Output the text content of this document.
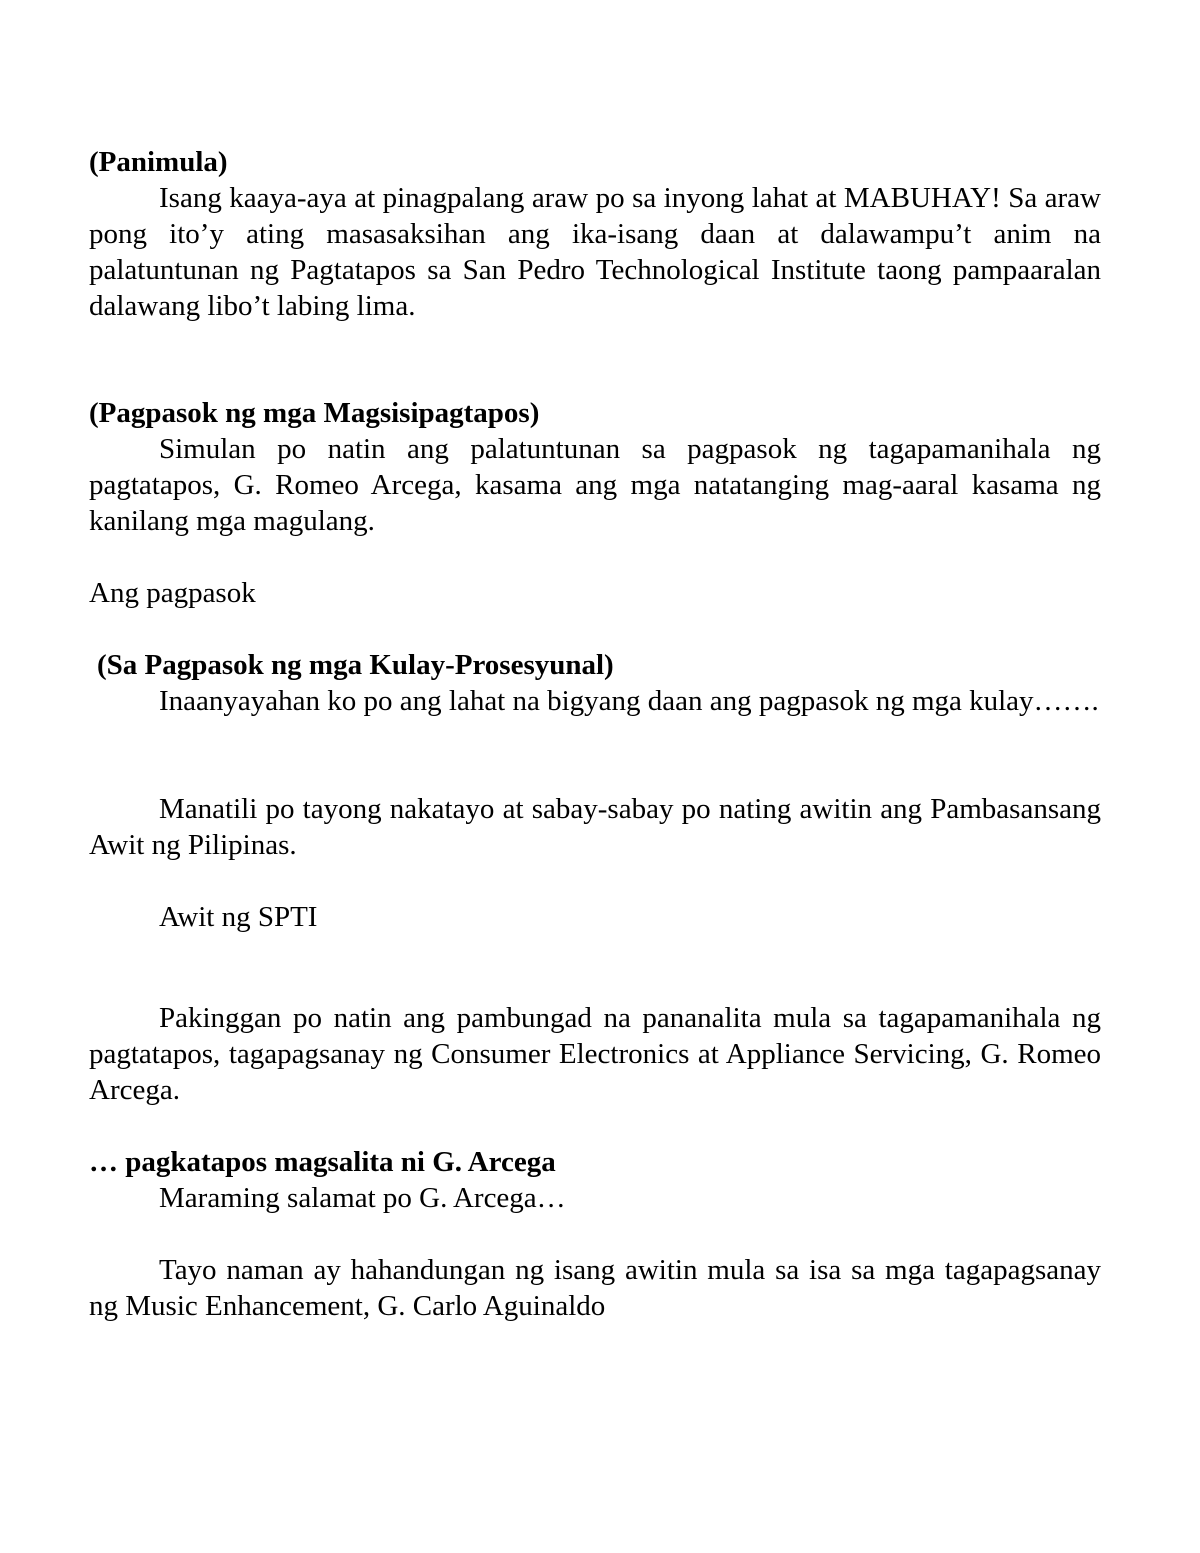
(Panimula)

Isang kaaya-aya at pinagpalang araw po sa inyong lahat at MABUHAY! Sa araw pong ito’y ating masasaksihan ang ika-isang daan at dalawampu’t anim na palatuntunan ng Pagtatapos sa San Pedro Technological Institute taong pampaaralan dalawang libo’t labing lima.

(Pagpasok ng mga Magsisipagtapos)

Simulan po natin ang palatuntunan sa pagpasok ng tagapamanihala ng pagtatapos, G. Romeo Arcega, kasama ang mga natatanging mag-aaral kasama ng kanilang mga magulang.

Ang pagpasok

(Sa Pagpasok ng mga Kulay-Prosesyunal)

Inaanyayahan ko po ang lahat na bigyang daan ang pagpasok ng mga kulay…….

Manatili po tayong nakatayo at sabay-sabay po nating awitin ang Pambasansang Awit ng Pilipinas.

Awit ng SPTI

Pakinggan po natin ang pambungad na pananalita mula sa tagapamanihala ng pagtatapos, tagapagsanay ng Consumer Electronics at Appliance Servicing, G. Romeo Arcega.

… pagkatapos magsalita ni G. Arcega

Maraming salamat po G. Arcega…

Tayo naman ay hahandungan ng isang awitin mula sa isa sa mga tagapagsanay ng Music Enhancement, G. Carlo Aguinaldo
